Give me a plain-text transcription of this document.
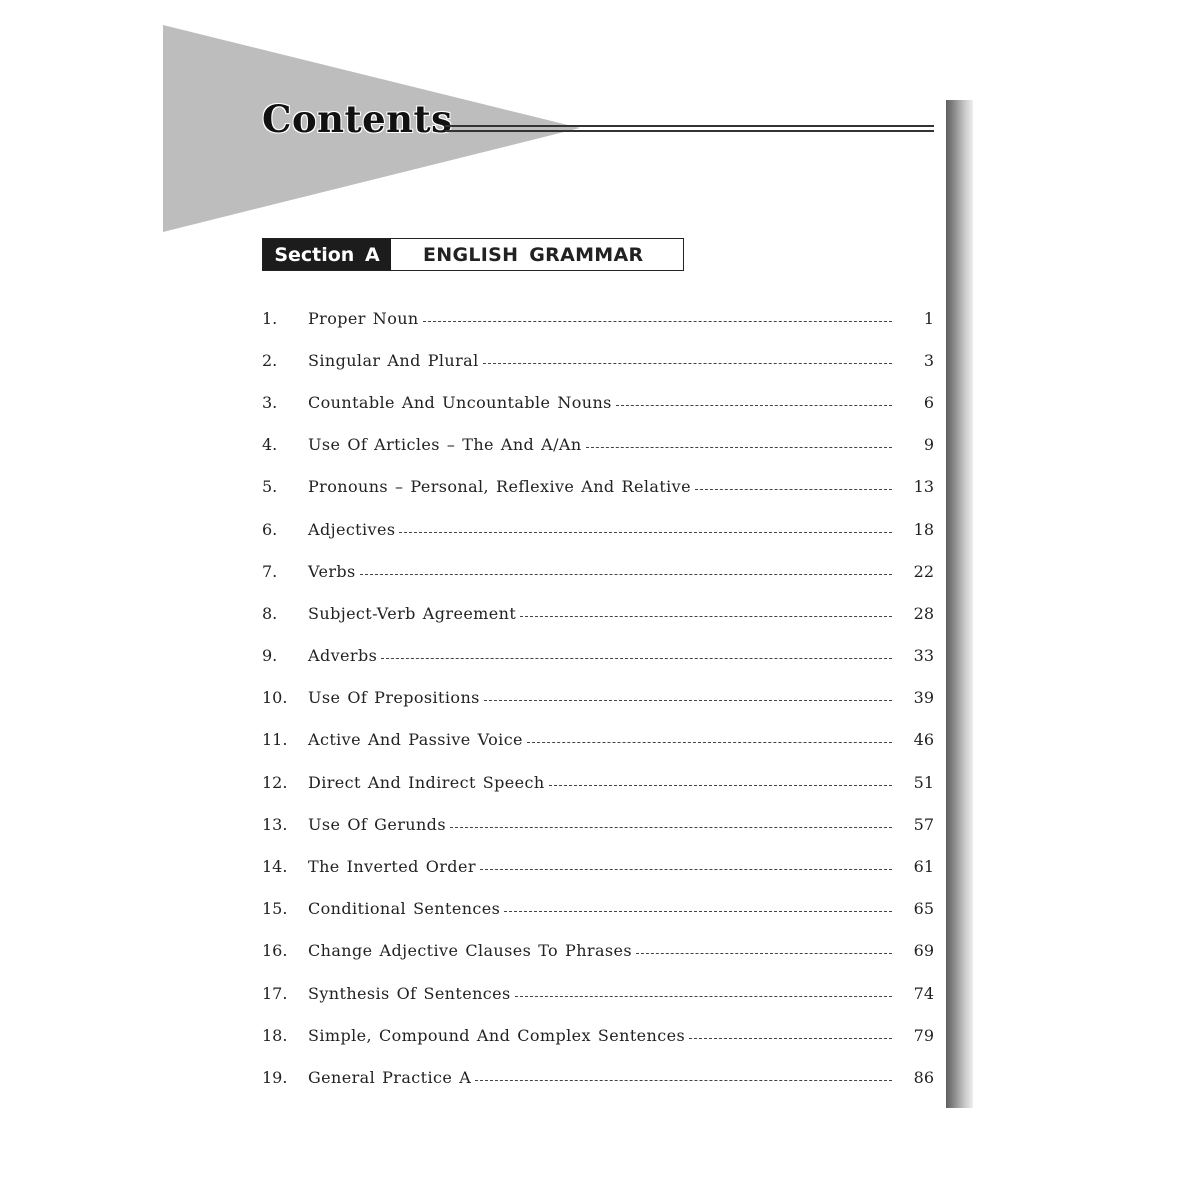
Contents
Section A	ENGLISH GRAMMAR
1.	Proper Noun	1
2.	Singular And Plural	3
3.	Countable And Uncountable Nouns	6
4.	Use Of Articles – The And A/An	9
5.	Pronouns – Personal, Reflexive And Relative	13
6.	Adjectives	18
7.	Verbs	22
8.	Subject-Verb Agreement	28
9.	Adverbs	33
10.	Use Of Prepositions	39
11.	Active And Passive Voice	46
12.	Direct And Indirect Speech	51
13.	Use Of Gerunds	57
14.	The Inverted Order	61
15.	Conditional Sentences	65
16.	Change Adjective Clauses To Phrases	69
17.	Synthesis Of Sentences	74
18.	Simple, Compound And Complex Sentences	79
19.	General Practice A	86
